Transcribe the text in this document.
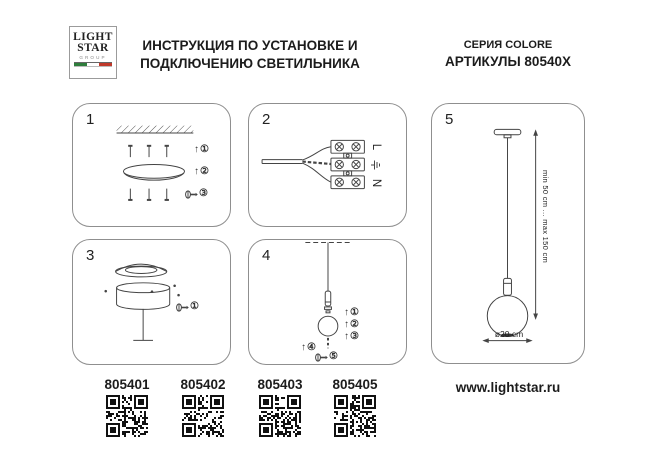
LIGHT
STAR
GROUP
ИНСТРУКЦИЯ ПО УСТАНОВКЕ И
ПОДКЛЮЧЕНИЮ СВЕТИЛЬНИКА
СЕРИЯ COLORE
АРТИКУЛЫ 80540X
1
↑ ①
↑ ②
③
2
L
N
3
①
4
↑ ①
↑ ②
↑ ③
↑ ④
⑤
5
min 50 cm ... max 150 cm
ø20 cm
805401	805402	805403	805405	www.lightstar.ru
